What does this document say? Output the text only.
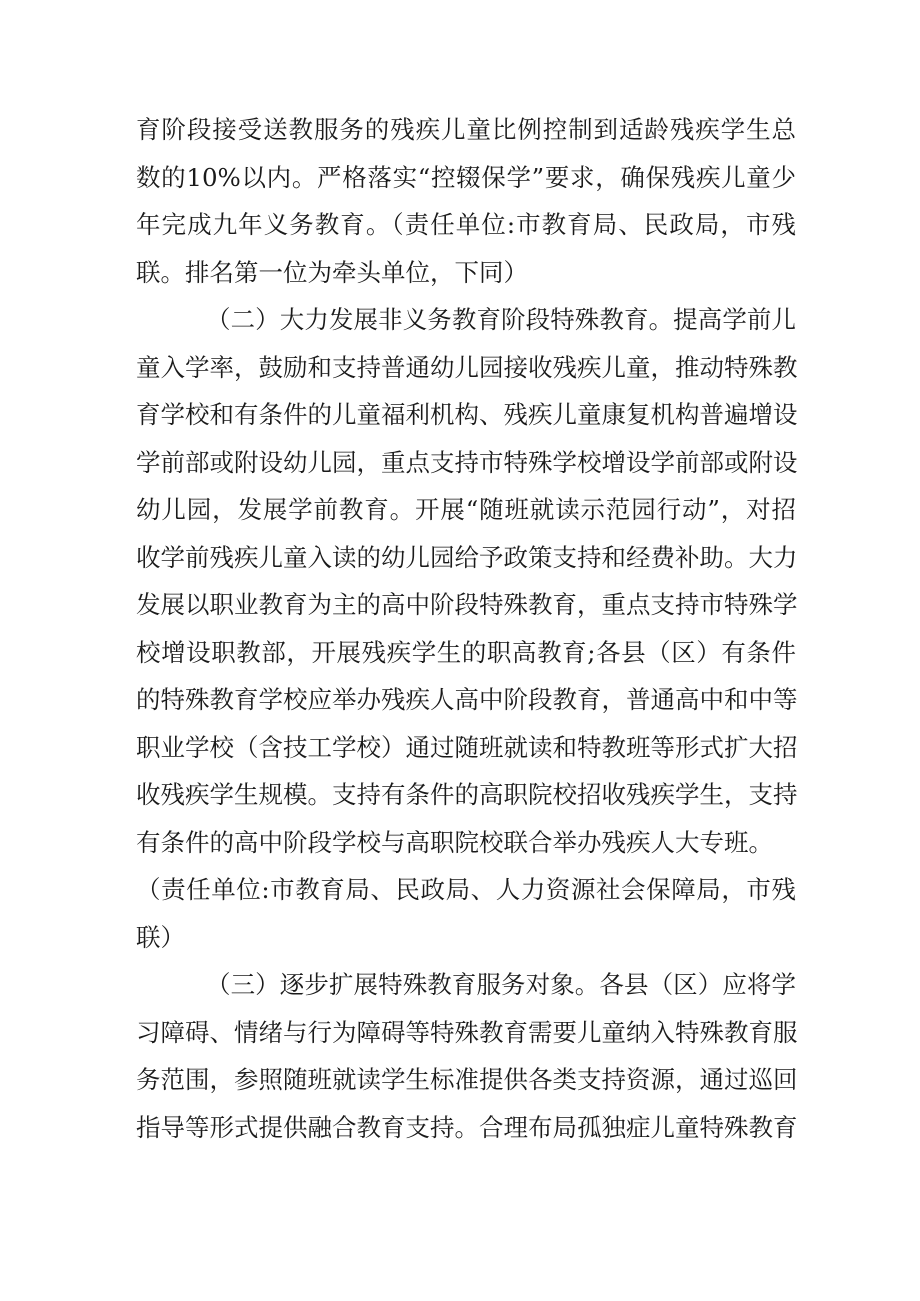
育阶段接受送教服务的残疾儿童比例控制到适龄残疾学生总
数的10%以内。严格落实“控辍保学”要求，确保残疾儿童少
年完成九年义务教育。（责任单位:市教育局、民政局，市残
联。排名第一位为牵头单位，下同）
（二）大力发展非义务教育阶段特殊教育。提高学前儿
童入学率，鼓励和支持普通幼儿园接收残疾儿童，推动特殊教
育学校和有条件的儿童福利机构、残疾儿童康复机构普遍增设
学前部或附设幼儿园，重点支持市特殊学校增设学前部或附设
幼儿园，发展学前教育。开展“随班就读示范园行动”，对招
收学前残疾儿童入读的幼儿园给予政策支持和经费补助。大力
发展以职业教育为主的高中阶段特殊教育，重点支持市特殊学
校增设职教部，开展残疾学生的职高教育;各县（区）有条件
的特殊教育学校应举办残疾人高中阶段教育，普通高中和中等
职业学校（含技工学校）通过随班就读和特教班等形式扩大招
收残疾学生规模。支持有条件的高职院校招收残疾学生，支持
有条件的高中阶段学校与高职院校联合举办残疾人大专班。
（责任单位:市教育局、民政局、人力资源社会保障局，市残
联）
（三）逐步扩展特殊教育服务对象。各县（区）应将学
习障碍、情绪与行为障碍等特殊教育需要儿童纳入特殊教育服
务范围，参照随班就读学生标准提供各类支持资源，通过巡回
指导等形式提供融合教育支持。合理布局孤独症儿童特殊教育
